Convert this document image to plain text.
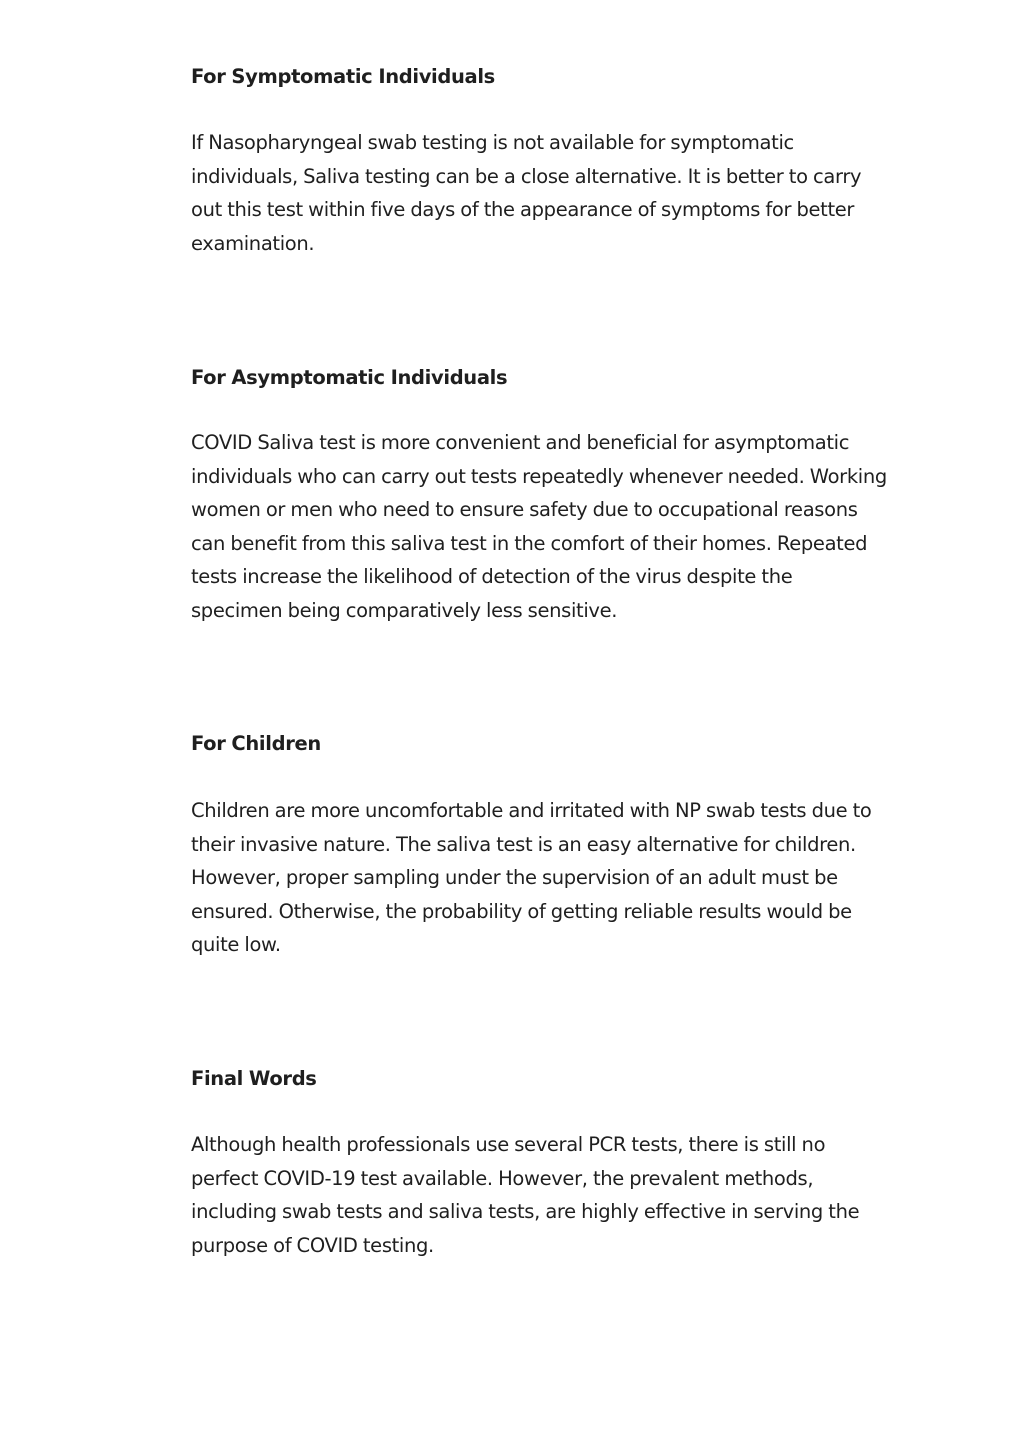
For Symptomatic Individuals

If Nasopharyngeal swab testing is not available for symptomatic
individuals, Saliva testing can be a close alternative. It is better to carry
out this test within five days of the appearance of symptoms for better
examination.

For Asymptomatic Individuals

COVID Saliva test is more convenient and beneficial for asymptomatic
individuals who can carry out tests repeatedly whenever needed. Working
women or men who need to ensure safety due to occupational reasons
can benefit from this saliva test in the comfort of their homes. Repeated
tests increase the likelihood of detection of the virus despite the
specimen being comparatively less sensitive.

For Children

Children are more uncomfortable and irritated with NP swab tests due to
their invasive nature. The saliva test is an easy alternative for children.
However, proper sampling under the supervision of an adult must be
ensured. Otherwise, the probability of getting reliable results would be
quite low.

Final Words

Although health professionals use several PCR tests, there is still no
perfect COVID-19 test available. However, the prevalent methods,
including swab tests and saliva tests, are highly effective in serving the
purpose of COVID testing.
